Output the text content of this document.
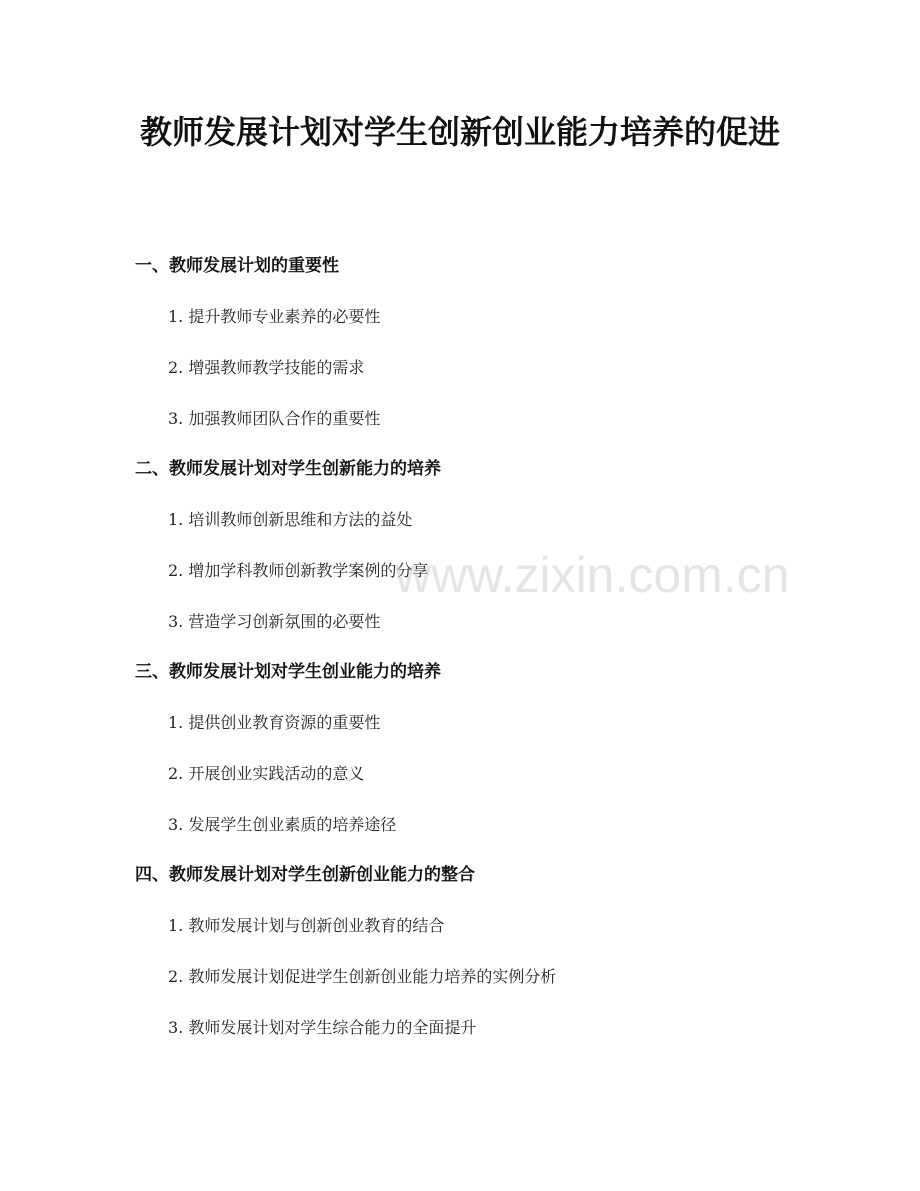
教师发展计划对学生创新创业能力培养的促进
一、教师发展计划的重要性
1. 提升教师专业素养的必要性
2. 增强教师教学技能的需求
3. 加强教师团队合作的重要性
二、教师发展计划对学生创新能力的培养
1. 培训教师创新思维和方法的益处
2. 增加学科教师创新教学案例的分享
3. 营造学习创新氛围的必要性
三、教师发展计划对学生创业能力的培养
1. 提供创业教育资源的重要性
2. 开展创业实践活动的意义
3. 发展学生创业素质的培养途径
四、教师发展计划对学生创新创业能力的整合
1. 教师发展计划与创新创业教育的结合
2. 教师发展计划促进学生创新创业能力培养的实例分析
3. 教师发展计划对学生综合能力的全面提升
www.zixin.com.cn
